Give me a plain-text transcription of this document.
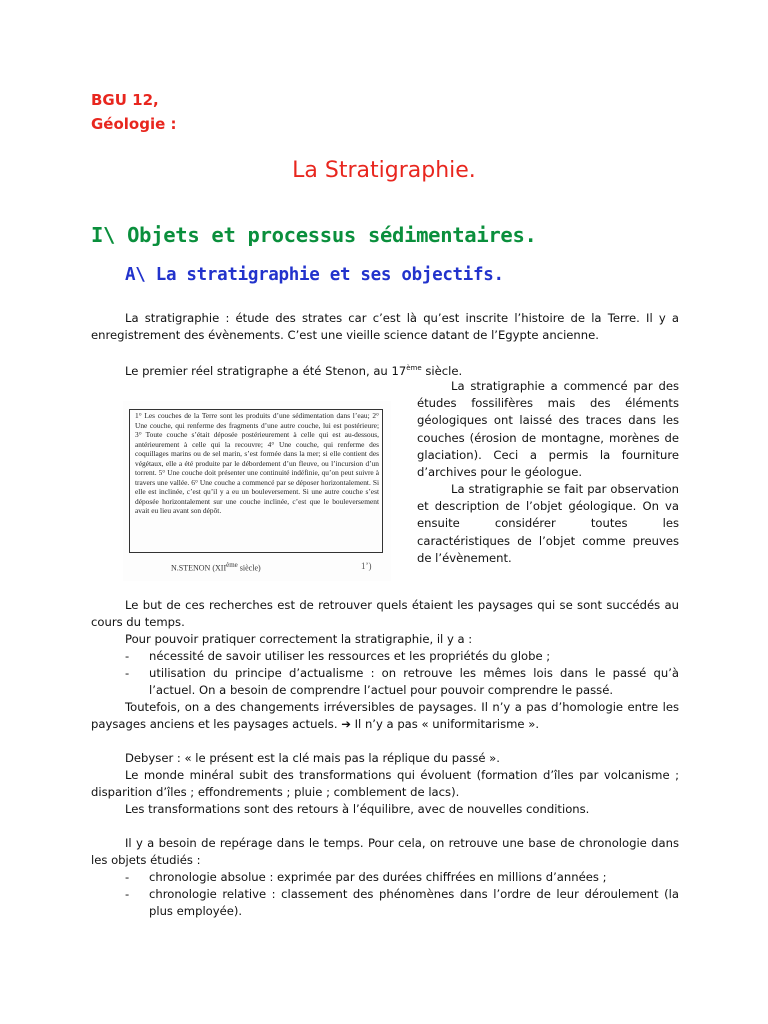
BGU 12,
Géologie :
La Stratigraphie.
I\ Objets et processus sédimentaires.
A\ La stratigraphie et ses objectifs.
La stratigraphie : étude des strates car c’est là qu’est inscrite l’histoire de la Terre. Il y a enregistrement des évènements. C’est une vieille science datant de l’Egypte ancienne.
Le premier réel stratigraphe a été Stenon, au 17ème siècle.
1° Les couches de la Terre sont les produits d’une sédimentation dans l’eau; 2° Une couche, qui renferme des fragments d’une autre couche, lui est postérieure; 3° Toute couche s’était déposée postérieurement à celle qui est au-dessous, antérieurement à celle qui la recouvre; 4° Une couche, qui renferme des coquillages marins ou de sel marin, s’est formée dans la mer; si elle contient des végétaux, elle a été produite par le débordement d’un fleuve, ou l’incursion d’un torrent. 5° Une couche doit présenter une continuité indéfinie, qu’on peut suivre à travers une vallée. 6° Une couche a commencé par se déposer horizontalement. Si elle est inclinée, c’est qu’il y a eu un bouleversement. Si une autre couche s’est déposée horizontalement sur une couche inclinée, c’est que le bouleversement avait eu lieu avant son dépôt.
N.STENON (XIIème siècle)	1’)
La stratigraphie a commencé par des études fossilifères mais des éléments géologiques ont laissé des traces dans les couches (érosion de montagne, morènes de glaciation). Ceci a permis la fourniture d’archives pour le géologue.
La stratigraphie se fait par observation et description de l’objet géologique. On va ensuite considérer toutes les caractéristiques de l’objet comme preuves de l’évènement.
Le but de ces recherches est de retrouver quels étaient les paysages qui se sont succédés au cours du temps.
Pour pouvoir pratiquer correctement la stratigraphie, il y a :
- nécessité de savoir utiliser les ressources et les propriétés du globe ;
- utilisation du principe d’actualisme : on retrouve les mêmes lois dans le passé qu’à l’actuel. On a besoin de comprendre l’actuel pour pouvoir comprendre le passé.
Toutefois, on a des changements irréversibles de paysages. Il n’y a pas d’homologie entre les paysages anciens et les paysages actuels. ➔ Il n’y a pas « uniformitarisme ».
Debyser : « le présent est la clé mais pas la réplique du passé ».
Le monde minéral subit des transformations qui évoluent (formation d’îles par volcanisme ; disparition d’îles ; effondrements ; pluie ; comblement de lacs).
Les transformations sont des retours à l’équilibre, avec de nouvelles conditions.
Il y a besoin de repérage dans le temps. Pour cela, on retrouve une base de chronologie dans les objets étudiés :
- chronologie absolue : exprimée par des durées chiffrées en millions d’années ;
- chronologie relative : classement des phénomènes dans l’ordre de leur déroulement (la plus employée).
